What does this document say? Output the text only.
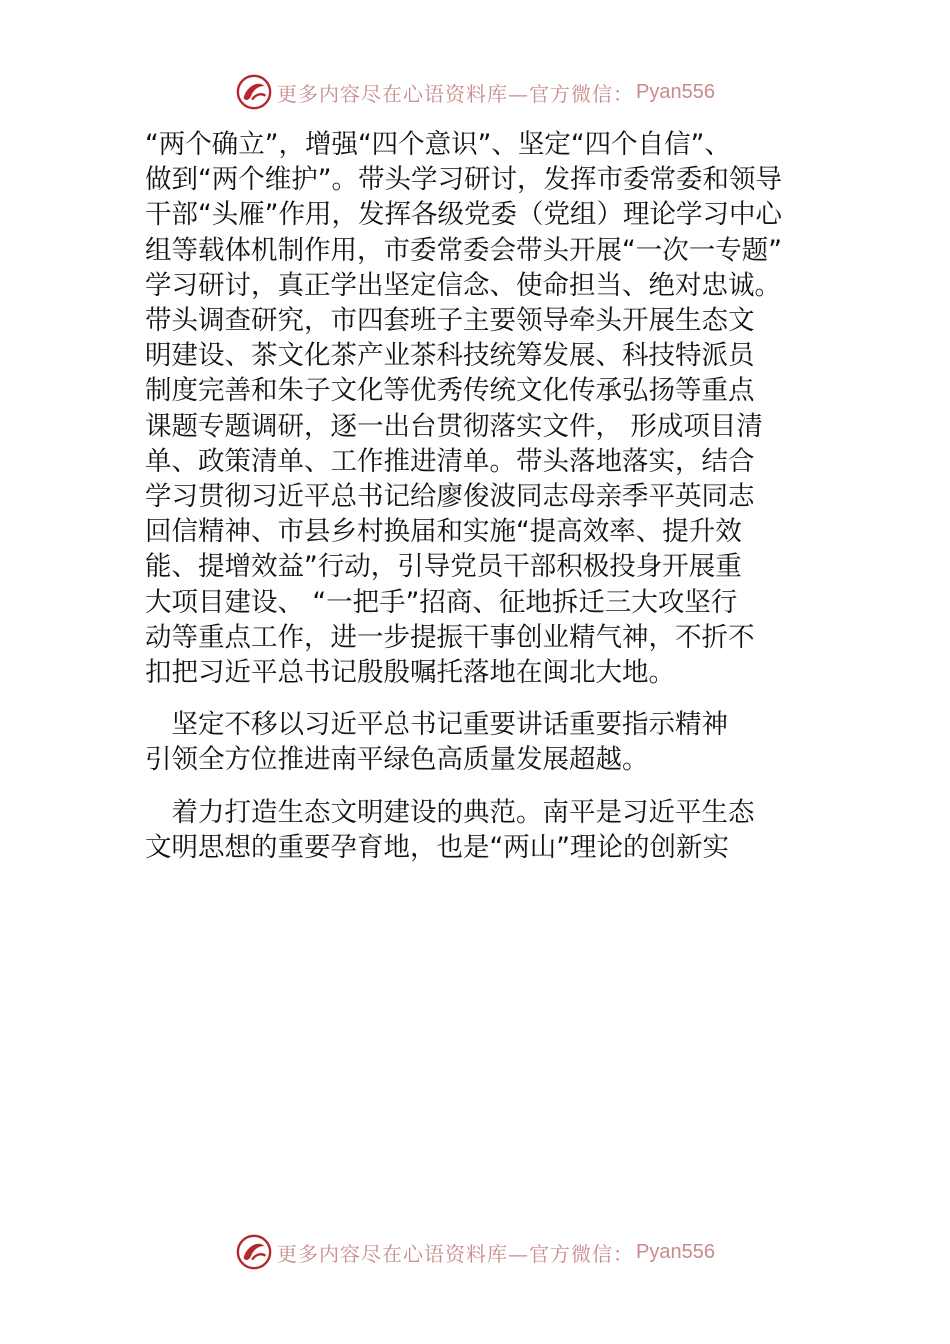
更多内容尽在心语资料库—官方微信： Pyan556
“两个确立”，增强“四个意识”、坚定“四个自信”、
做到“两个维护”。带头学习研讨，发挥市委常委和领导
干部“头雁”作用，发挥各级党委（党组）理论学习中心
组等载体机制作用，市委常委会带头开展“一次一专题”
学习研讨，真正学出坚定信念、使命担当、绝对忠诚。
带头调查研究，市四套班子主要领导牵头开展生态文
明建设、茶文化茶产业茶科技统筹发展、科技特派员
制度完善和朱子文化等优秀传统文化传承弘扬等重点
课题专题调研，逐一出台贯彻落实文件， 形成项目清
单、政策清单、工作推进清单。带头落地落实，结合
学习贯彻习近平总书记给廖俊波同志母亲季平英同志
回信精神、市县乡村换届和实施“提高效率、提升效
能、提增效益”行动，引导党员干部积极投身开展重
大项目建设、 “一把手”招商、征地拆迁三大攻坚行
动等重点工作，进一步提振干事创业精气神，不折不
扣把习近平总书记殷殷嘱托落地在闽北大地。
　坚定不移以习近平总书记重要讲话重要指示精神
引领全方位推进南平绿色高质量发展超越。
　着力打造生态文明建设的典范。南平是习近平生态
文明思想的重要孕育地，也是“两山”理论的创新实
更多内容尽在心语资料库—官方微信： Pyan556
